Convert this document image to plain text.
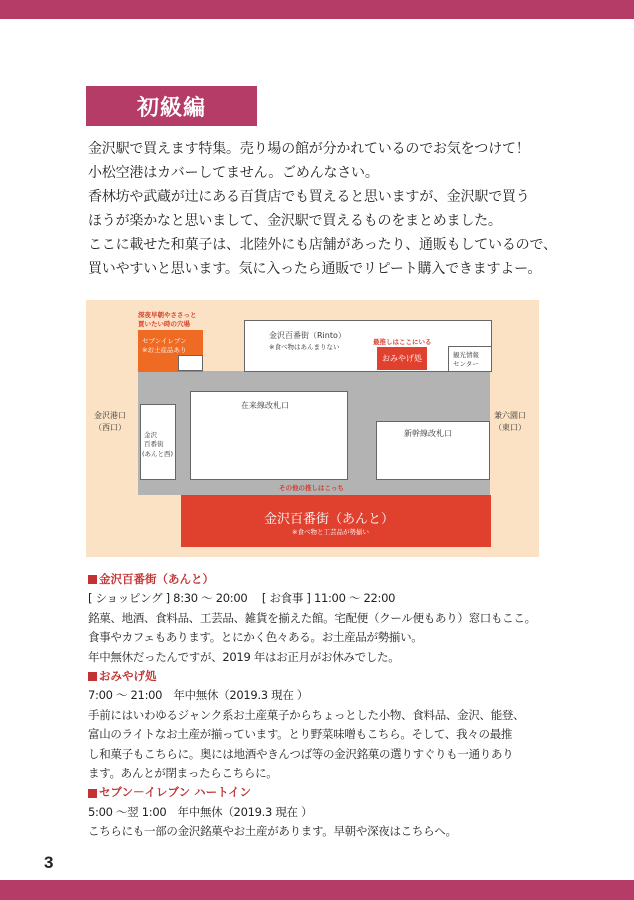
初級編

金沢駅で買えます特集。売り場の館が分かれているのでお気をつけて！

小松空港はカバーしてません。ごめんなさい。

香林坊や武蔵が辻にある百貨店でも買えると思いますが、金沢駅で買う

ほうが楽かなと思いまして、金沢駅で買えるものをまとめました。

ここに載せた和菓子は、北陸外にも店舗があったり、通販もしているので、

買いやすいと思います。気に入ったら通販でリピート購入できますよー。

深夜早朝やささっと
買いたい時の穴場
セブンイレブン
※お土産品あり
金沢百番街（Rinto）
※食べ物はあんまりない
最推しはここにいる
おみやげ処	観光情報
センター
金沢港口
（西口）
兼六園口
（東口）
金沢
百番街
(あんと西)
在来線改札口
新幹線改札口
その他の推しはこっち
金沢百番街（あんと）
※食べ物と工芸品が勢揃い
金沢百番街（あんと）

[ ショッピング ] 8:30 ～ 20:00　 [ お食事 ] 11:00 ～ 22:00

銘菓、地酒、食料品、工芸品、雑貨を揃えた館。宅配便（クール便もあり）窓口もここ。

食事やカフェもあります。とにかく色々ある。お土産品が勢揃い。

年中無休だったんですが、2019 年はお正月がお休みでした。

おみやげ処

7:00 ～ 21:00　年中無休（2019.3 現在 ）

手前にはいわゆるジャンク系お土産菓子からちょっとした小物、食料品、金沢、能登、

富山のライトなお土産が揃っています。とり野菜味噌もこちら。そして、我々の最推

し和菓子もこちらに。奥には地酒やきんつば等の金沢銘菓の選りすぐりも一通りあり

ます。あんとが閉まったらこちらに。

セブン－イレブン ハートイン

5:00 ～翌 1:00　年中無休（2019.3 現在 ）

こちらにも一部の金沢銘菓やお土産があります。早朝や深夜はこちらへ。

3
